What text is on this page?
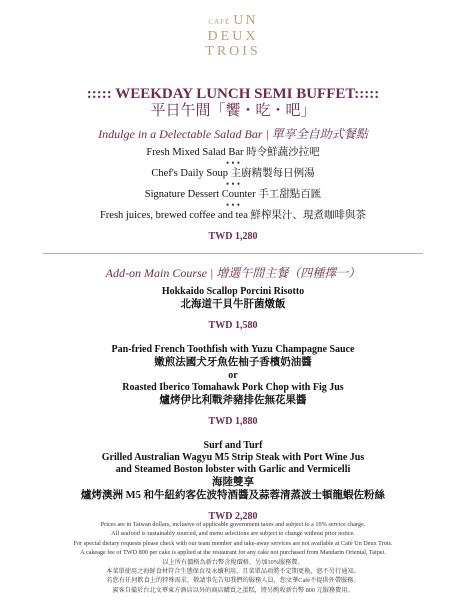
CAFÉ UN
DEUX
TROIS
::::: WEEKDAY LUNCH SEMI BUFFET:::::
平日午間「饗・吃・吧」
Indulge in a Delectable Salad Bar | 單享全自助式餐點
Fresh Mixed Salad Bar 時令鮮蔬沙拉吧
• • •
Chef's Daily Soup 主廚精製每日例湯
• • •
Signature Dessert Counter 手工甜點百匯
• • •
Fresh juices, brewed coffee and tea 鮮榨果汁、現煮咖啡與茶
TWD 1,280
Add-on Main Course | 增選午間主餐（四種擇一）
Hokkaido Scallop Porcini Risotto
北海道干貝牛肝菌燉飯
TWD 1,580
Pan-fried French Toothfish with Yuzu Champagne Sauce
嫩煎法國犬牙魚佐柚子香檳奶油醬
or
Roasted Iberico Tomahawk Pork Chop with Fig Jus
爐烤伊比利戰斧豬排佐無花果醬
TWD 1,880
Surf and Turf
Grilled Australian Wagyu M5 Strip Steak with Port Wine Jus
and Steamed Boston lobster with Garlic and Vermicelli
海陸雙享
爐烤澳洲 M5 和牛紐約客佐波特酒醬及蒜蓉清蒸波士頓龍蝦佐粉絲
TWD 2,280
Prices are in Taiwan dollars, inclusive of applicable government taxes and subject to a 10% service charge.
All seafood is sustainably sourced, and menu selections are subject to change without prior notice.
For special dietary requests please check with our team member and take-away services are not available at Café Un Deux Trois.
A cakeage fee of TWD 800 per cake is applied at the restaurant for any cake not purchased from Mandarin Oriental, Taipei.
以上所有價格為新台幣含稅價格，另加10%服務費。
本菜單使用之海鮮食材符合生態保育及永續利用，且菜單品項將不定期更換，恕不另行通知。
若您有任何飲食上的特殊需求，敬請事先告知我們的服務人員，您文華Café不提供外帶服務。
賓客自備於台北文華東方酒店以外的商店購買之蛋糕，將另酌收新台幣 800 元服務費用。
